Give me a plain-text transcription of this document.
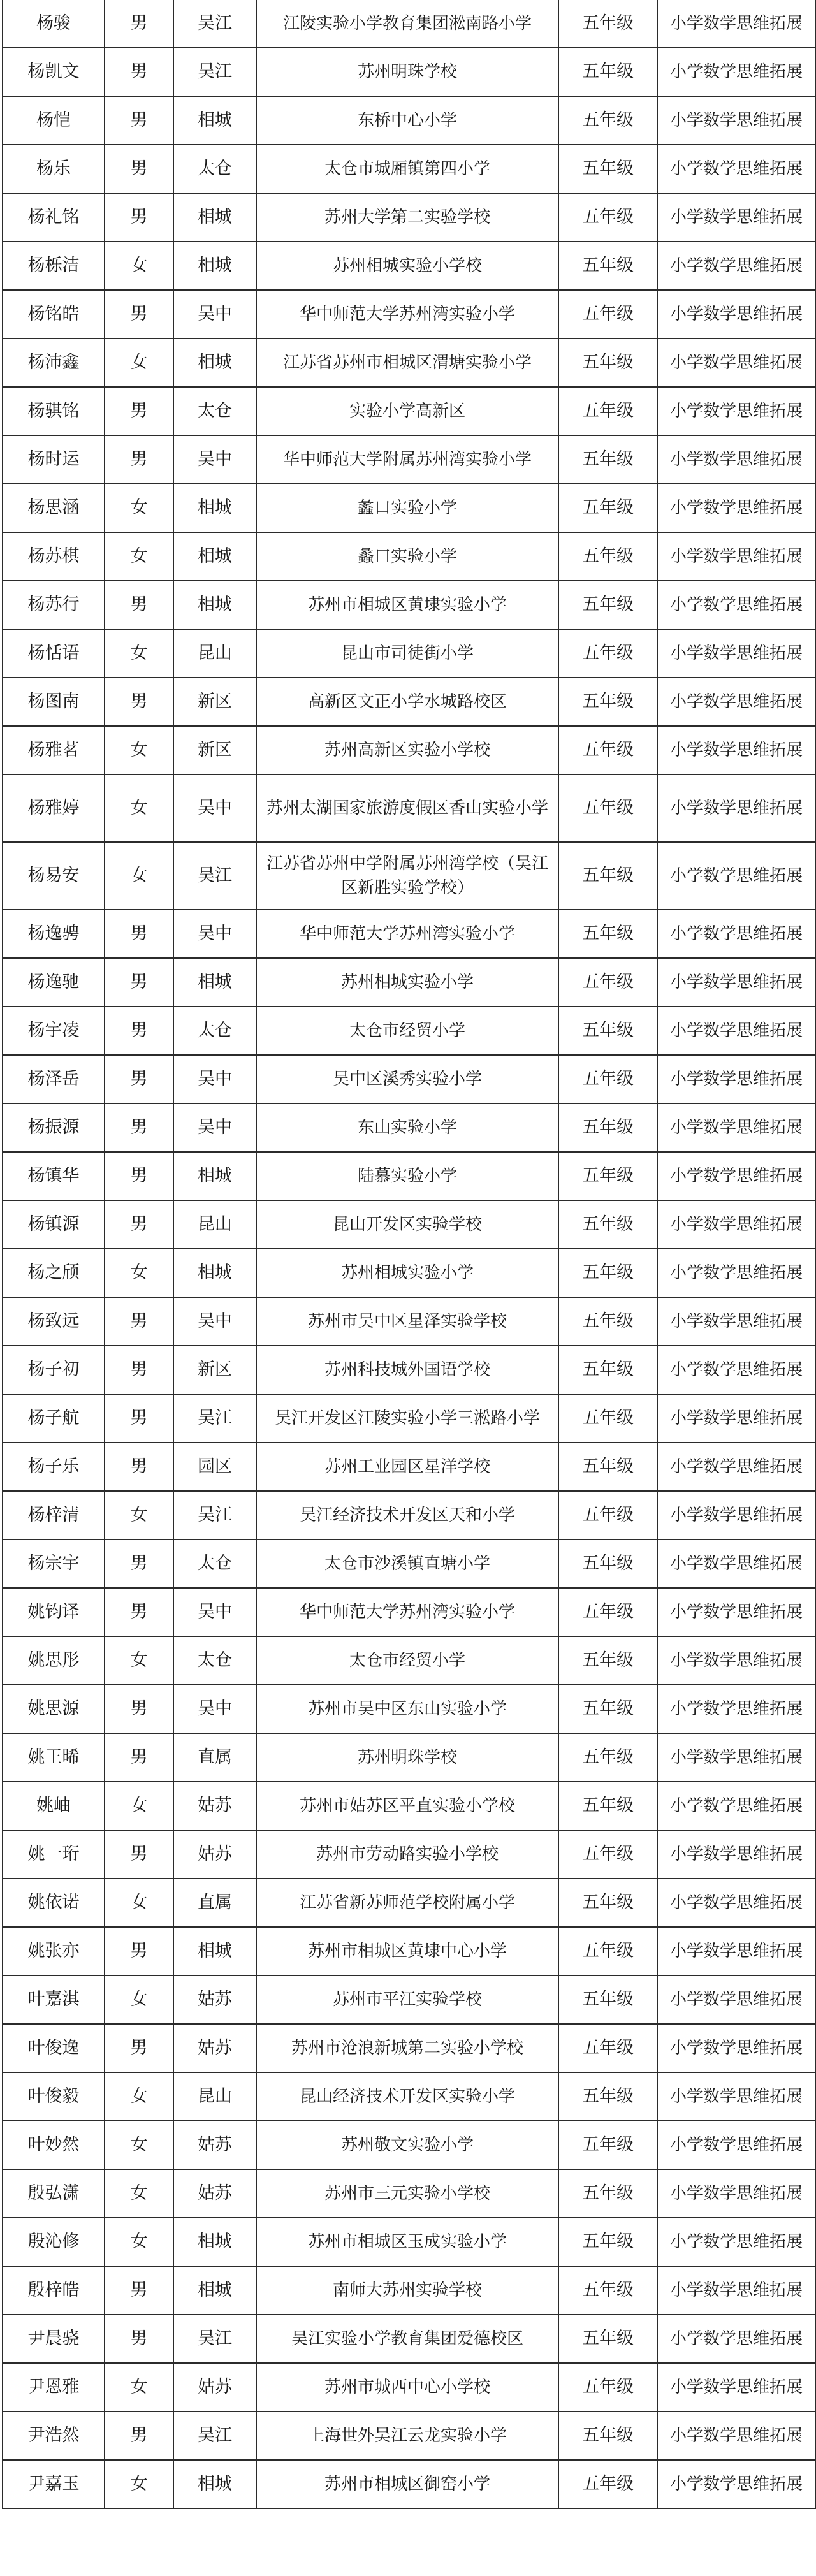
杨骏	男	吴江	江陵实验小学教育集团淞南路小学	五年级	小学数学思维拓展
杨凯文	男	吴江	苏州明珠学校	五年级	小学数学思维拓展
杨恺	男	相城	东桥中心小学	五年级	小学数学思维拓展
杨乐	男	太仓	太仓市城厢镇第四小学	五年级	小学数学思维拓展
杨礼铭	男	相城	苏州大学第二实验学校	五年级	小学数学思维拓展
杨栎洁	女	相城	苏州相城实验小学校	五年级	小学数学思维拓展
杨铭皓	男	吴中	华中师范大学苏州湾实验小学	五年级	小学数学思维拓展
杨沛鑫	女	相城	江苏省苏州市相城区渭塘实验小学	五年级	小学数学思维拓展
杨骐铭	男	太仓	实验小学高新区	五年级	小学数学思维拓展
杨时运	男	吴中	华中师范大学附属苏州湾实验小学	五年级	小学数学思维拓展
杨思涵	女	相城	蠡口实验小学	五年级	小学数学思维拓展
杨苏棋	女	相城	蠡口实验小学	五年级	小学数学思维拓展
杨苏行	男	相城	苏州市相城区黄埭实验小学	五年级	小学数学思维拓展
杨恬语	女	昆山	昆山市司徒街小学	五年级	小学数学思维拓展
杨图南	男	新区	高新区文正小学水城路校区	五年级	小学数学思维拓展
杨雅茗	女	新区	苏州高新区实验小学校	五年级	小学数学思维拓展
杨雅婷	女	吴中	苏州太湖国家旅游度假区香山实验小学	五年级	小学数学思维拓展
杨易安	女	吴江	江苏省苏州中学附属苏州湾学校（吴江区新胜实验学校）	五年级	小学数学思维拓展
杨逸骋	男	吴中	华中师范大学苏州湾实验小学	五年级	小学数学思维拓展
杨逸驰	男	相城	苏州相城实验小学	五年级	小学数学思维拓展
杨宇凌	男	太仓	太仓市经贸小学	五年级	小学数学思维拓展
杨泽岳	男	吴中	吴中区溪秀实验小学	五年级	小学数学思维拓展
杨振源	男	吴中	东山实验小学	五年级	小学数学思维拓展
杨镇华	男	相城	陆慕实验小学	五年级	小学数学思维拓展
杨镇源	男	昆山	昆山开发区实验学校	五年级	小学数学思维拓展
杨之颀	女	相城	苏州相城实验小学	五年级	小学数学思维拓展
杨致远	男	吴中	苏州市吴中区星泽实验学校	五年级	小学数学思维拓展
杨子初	男	新区	苏州科技城外国语学校	五年级	小学数学思维拓展
杨子航	男	吴江	吴江开发区江陵实验小学三淞路小学	五年级	小学数学思维拓展
杨子乐	男	园区	苏州工业园区星洋学校	五年级	小学数学思维拓展
杨梓清	女	吴江	吴江经济技术开发区天和小学	五年级	小学数学思维拓展
杨宗宇	男	太仓	太仓市沙溪镇直塘小学	五年级	小学数学思维拓展
姚钧译	男	吴中	华中师范大学苏州湾实验小学	五年级	小学数学思维拓展
姚思彤	女	太仓	太仓市经贸小学	五年级	小学数学思维拓展
姚思源	男	吴中	苏州市吴中区东山实验小学	五年级	小学数学思维拓展
姚王晞	男	直属	苏州明珠学校	五年级	小学数学思维拓展
姚岫	女	姑苏	苏州市姑苏区平直实验小学校	五年级	小学数学思维拓展
姚一珩	男	姑苏	苏州市劳动路实验小学校	五年级	小学数学思维拓展
姚依诺	女	直属	江苏省新苏师范学校附属小学	五年级	小学数学思维拓展
姚张亦	男	相城	苏州市相城区黄埭中心小学	五年级	小学数学思维拓展
叶嘉淇	女	姑苏	苏州市平江实验学校	五年级	小学数学思维拓展
叶俊逸	男	姑苏	苏州市沧浪新城第二实验小学校	五年级	小学数学思维拓展
叶俊毅	女	昆山	昆山经济技术开发区实验小学	五年级	小学数学思维拓展
叶妙然	女	姑苏	苏州敬文实验小学	五年级	小学数学思维拓展
殷弘潇	女	姑苏	苏州市三元实验小学校	五年级	小学数学思维拓展
殷沁修	女	相城	苏州市相城区玉成实验小学	五年级	小学数学思维拓展
殷梓皓	男	相城	南师大苏州实验学校	五年级	小学数学思维拓展
尹晨骁	男	吴江	吴江实验小学教育集团爱德校区	五年级	小学数学思维拓展
尹恩雅	女	姑苏	苏州市城西中心小学校	五年级	小学数学思维拓展
尹浩然	男	吴江	上海世外吴江云龙实验小学	五年级	小学数学思维拓展
尹嘉玉	女	相城	苏州市相城区御窑小学	五年级	小学数学思维拓展
